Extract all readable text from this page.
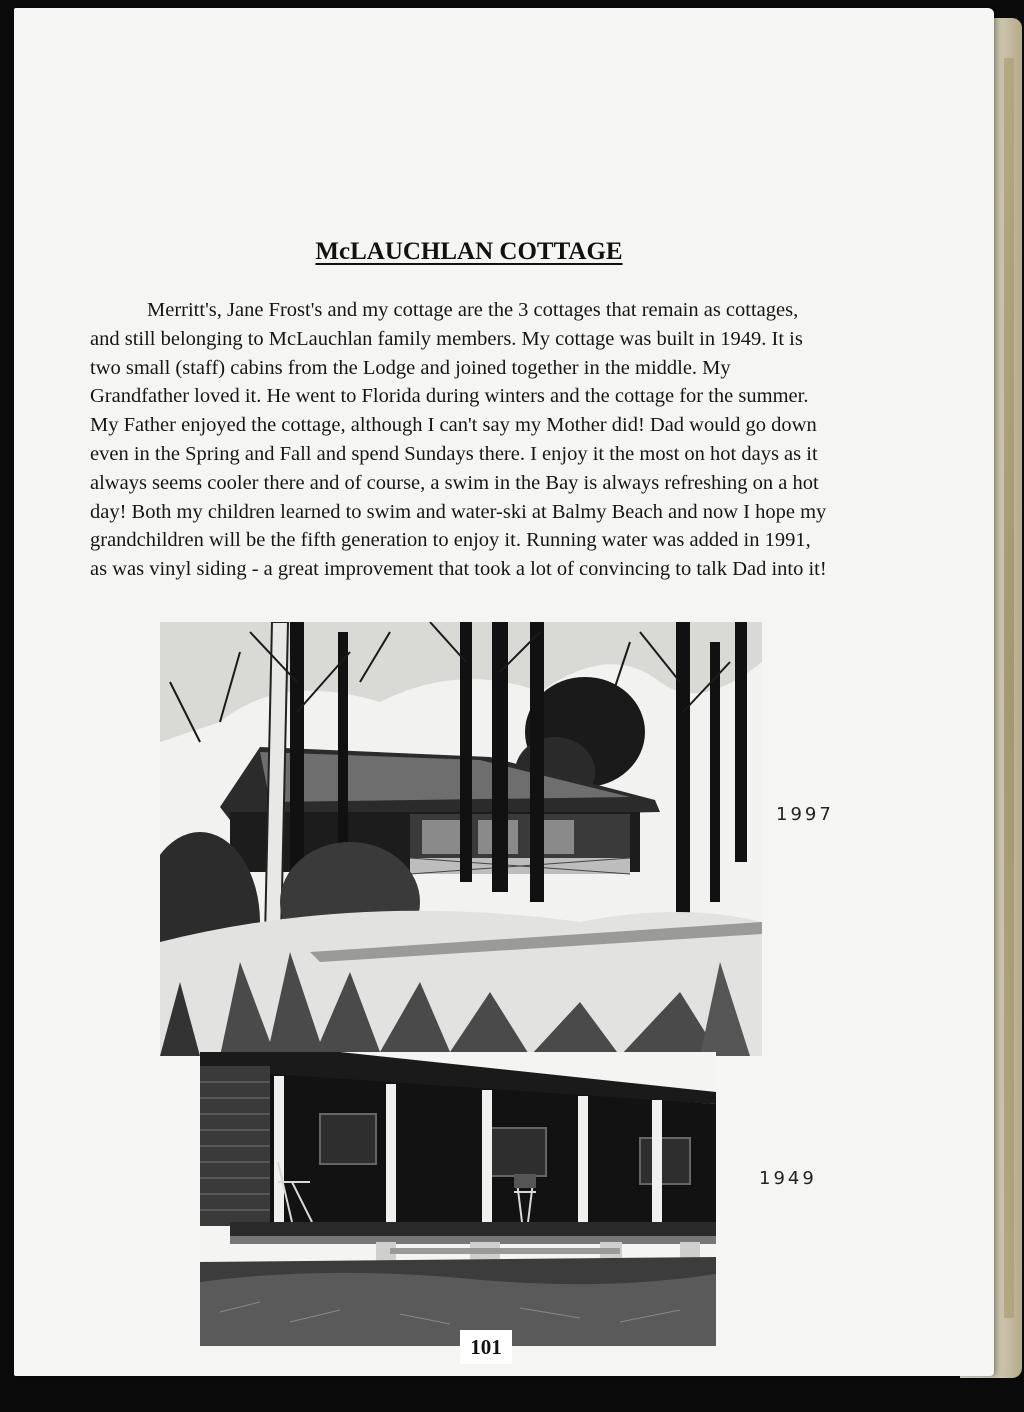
McLAUCHLAN COTTAGE

Merritt's, Jane Frost's and my cottage are the 3 cottages that remain as cottages, and still belonging to McLauchlan family members. My cottage was built in 1949. It is two small (staff) cabins from the Lodge and joined together in the middle. My Grandfather loved it. He went to Florida during winters and the cottage for the summer. My Father enjoyed the cottage, although I can't say my Mother did! Dad would go down even in the Spring and Fall and spend Sundays there. I enjoy it the most on hot days as it always seems cooler there and of course, a swim in the Bay is always refreshing on a hot day! Both my children learned to swim and water-ski at Balmy Beach and now I hope my grandchildren will be the fifth generation to enjoy it. Running water was added in 1991, as was vinyl siding - a great improvement that took a lot of convincing to talk Dad into it!

1997
1949
101
